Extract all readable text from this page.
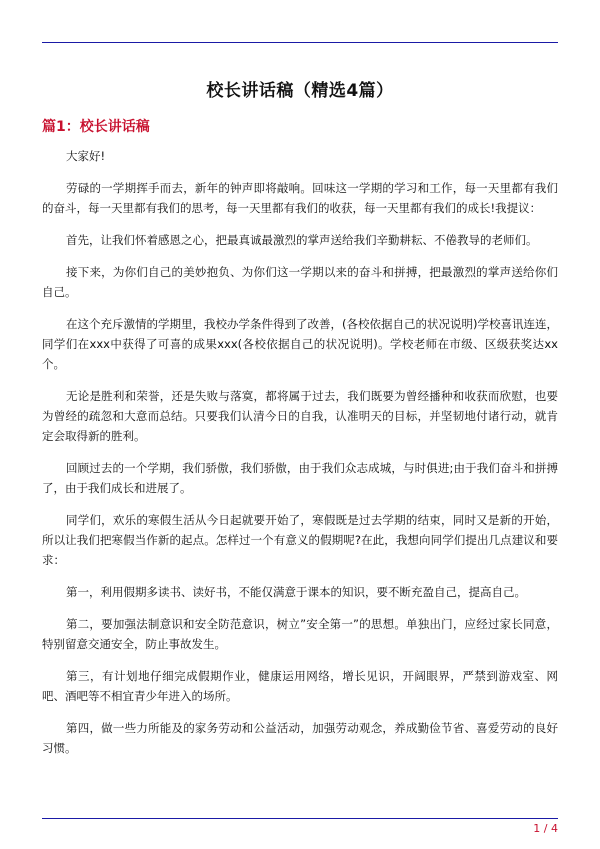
校长讲话稿（精选4篇）
篇1：校长讲话稿

大家好!

劳碌的一学期挥手而去，新年的钟声即将敲响。回味这一学期的学习和工作，每一天里都有我们的奋斗，每一天里都有我们的思考，每一天里都有我们的收获，每一天里都有我们的成长!我提议：

首先，让我们怀着感恩之心，把最真诚最激烈的掌声送给我们辛勤耕耘、不倦教导的老师们。

接下来，为你们自己的美妙抱负、为你们这一学期以来的奋斗和拼搏，把最激烈的掌声送给你们自己。

在这个充斥激情的学期里，我校办学条件得到了改善，(各校依据自己的状况说明)学校喜讯连连，同学们在xxx中获得了可喜的成果xxx(各校依据自己的状况说明)。学校老师在市级、区级获奖达xx个。

无论是胜利和荣誉，还是失败与落寞，都将属于过去，我们既要为曾经播种和收获而欣慰，也要为曾经的疏忽和大意而总结。只要我们认清今日的自我，认准明天的目标，并坚韧地付诸行动，就肯定会取得新的胜利。

回顾过去的一个学期，我们骄傲，我们骄傲，由于我们众志成城，与时俱进;由于我们奋斗和拼搏了，由于我们成长和进展了。

同学们，欢乐的寒假生活从今日起就要开始了，寒假既是过去学期的结束，同时又是新的开始，所以让我们把寒假当作新的起点。怎样过一个有意义的假期呢?在此，我想向同学们提出几点建议和要求：

第一，利用假期多读书、读好书，不能仅满意于课本的知识，要不断充盈自己，提高自己。

第二，要加强法制意识和安全防范意识，树立”安全第一”的思想。单独出门，应经过家长同意，特别留意交通安全，防止事故发生。

第三，有计划地仔细完成假期作业，健康运用网络，增长见识，开阔眼界，严禁到游戏室、网吧、酒吧等不相宜青少年进入的场所。

第四，做一些力所能及的家务劳动和公益活动，加强劳动观念，养成勤俭节省、喜爱劳动的良好习惯。

1 / 4
